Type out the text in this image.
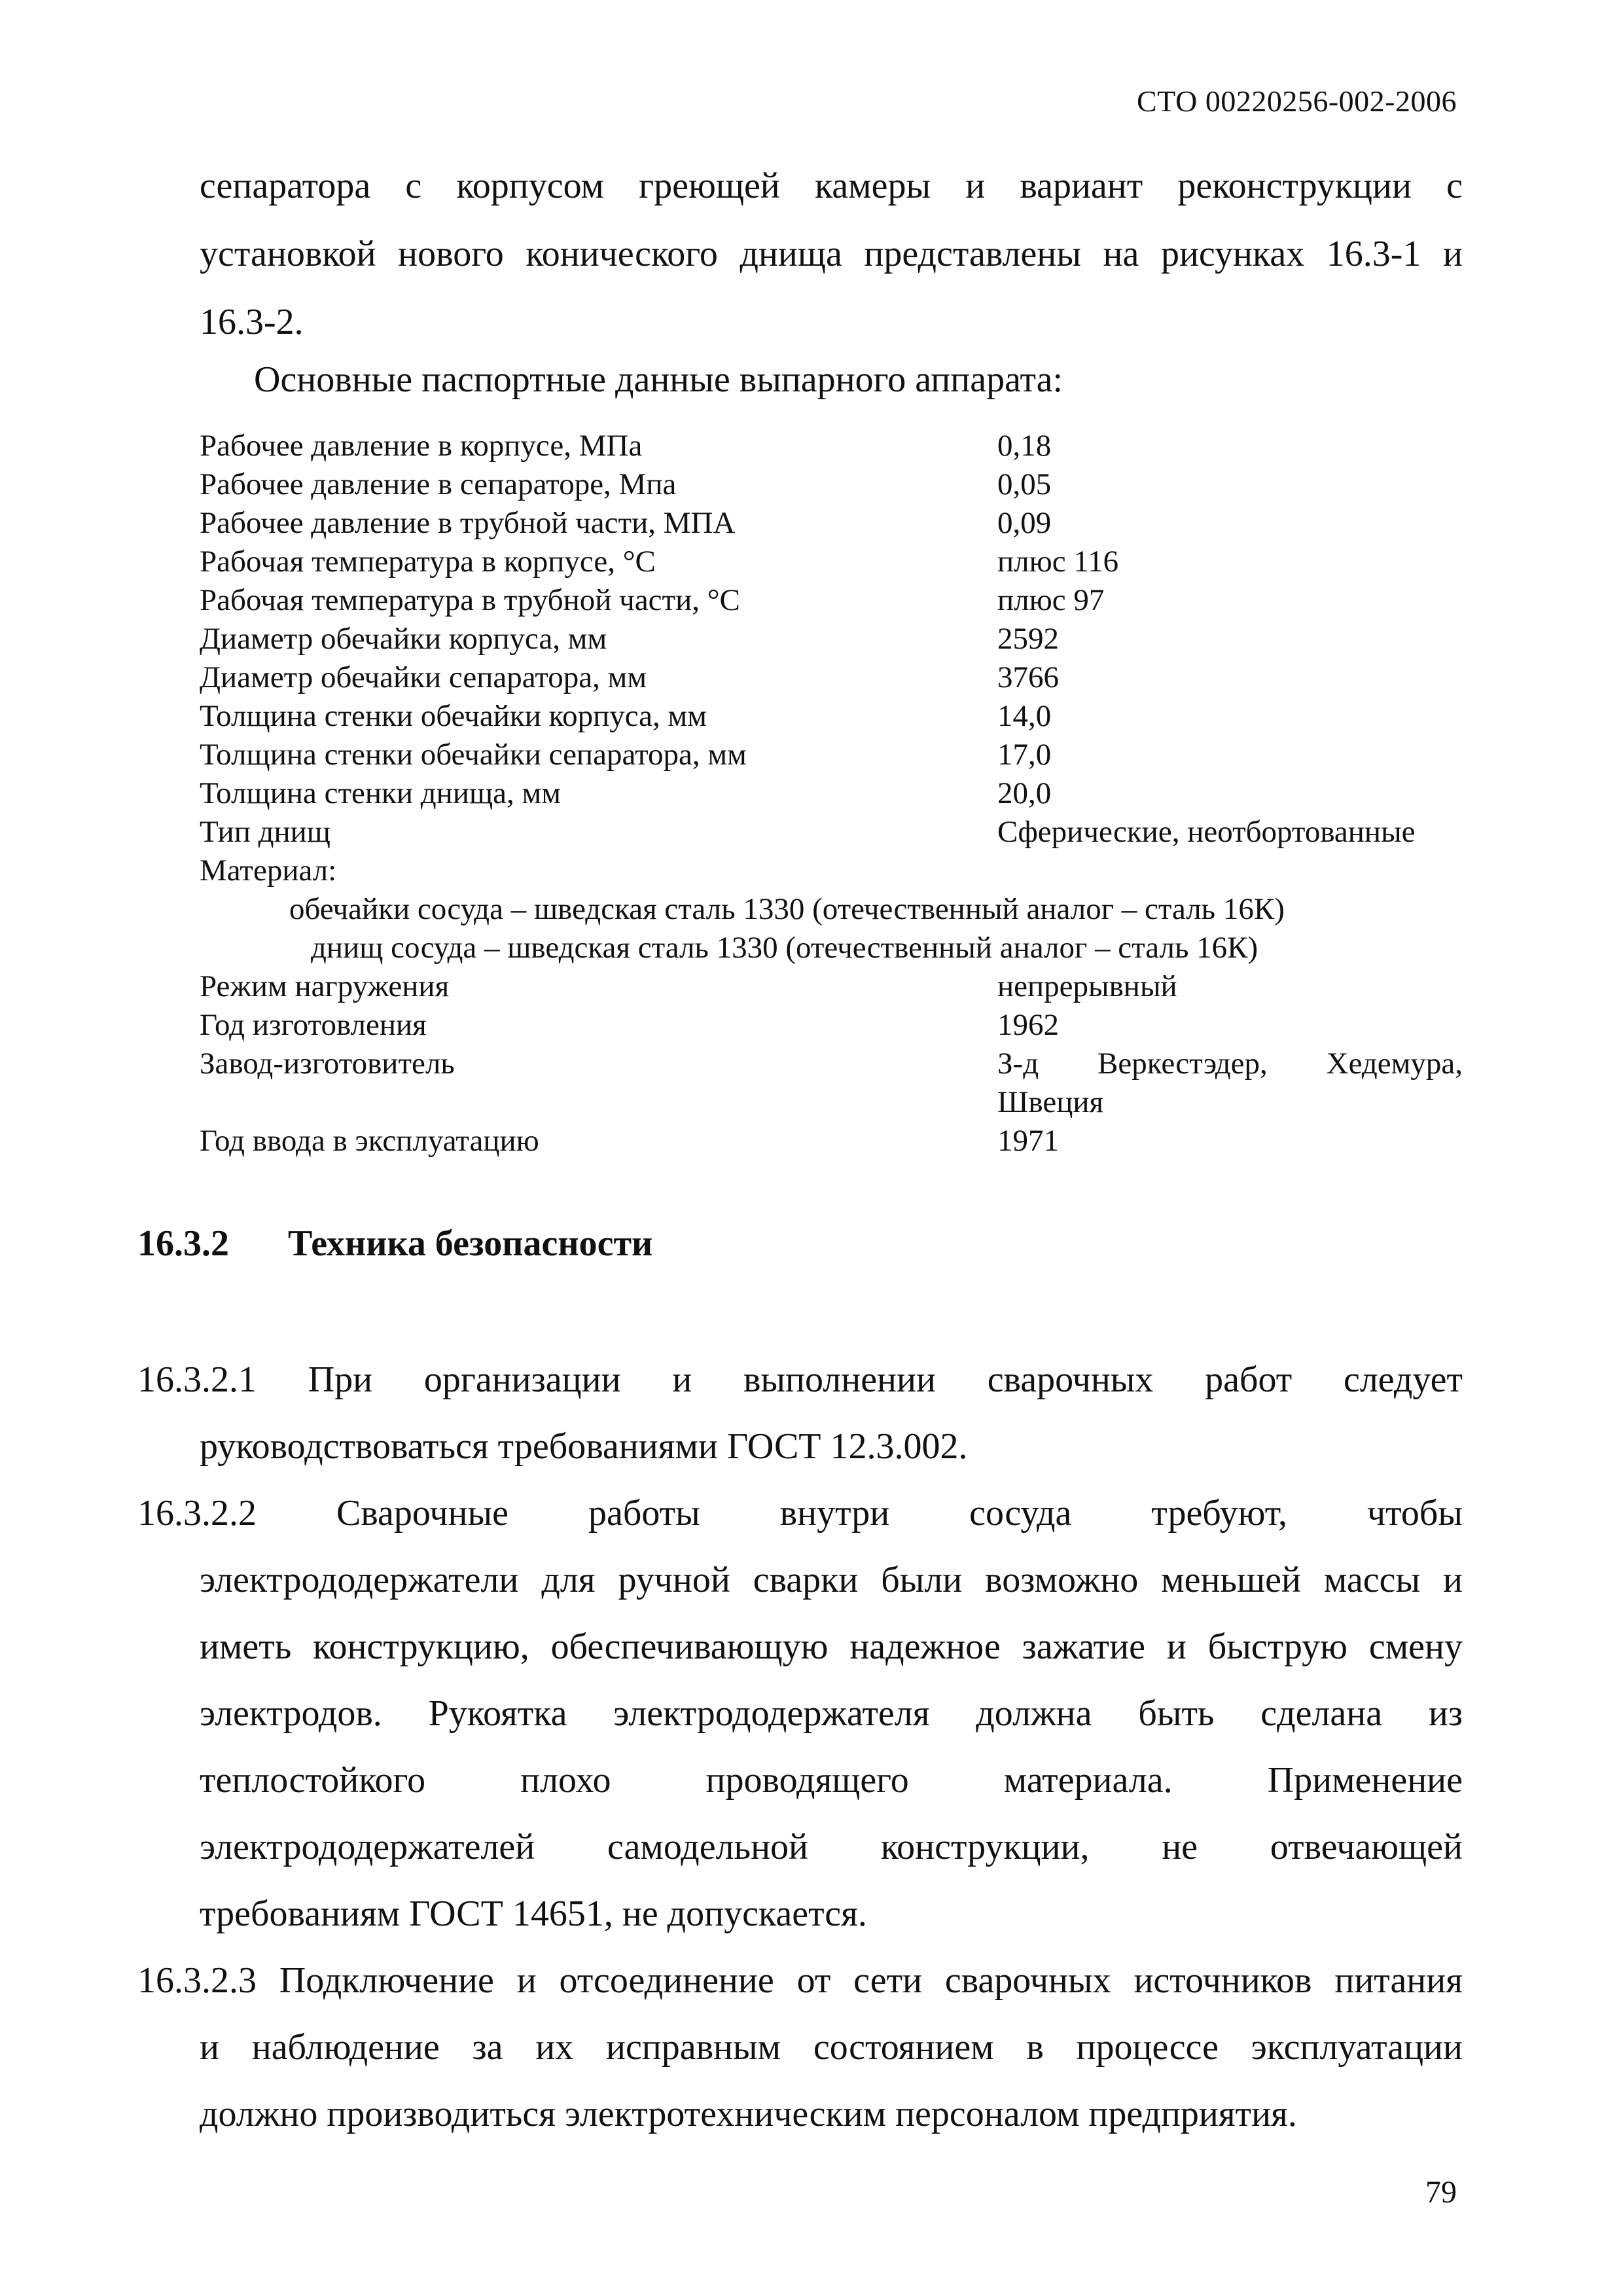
СТО 00220256-002-2006
сепаратора с корпусом греющей камеры и вариант реконструкции с
установкой нового конического днища представлены на рисунках 16.3-1 и
16.3-2.
Основные паспортные данные выпарного аппарата:
Рабочее давление в корпусе, МПа	0,18
Рабочее давление в сепараторе, Мпа	0,05
Рабочее давление в трубной части, МПА	0,09
Рабочая температура в корпусе, °С	плюс 116
Рабочая температура в трубной части, °С	плюс 97
Диаметр обечайки корпуса, мм	2592
Диаметр обечайки сепаратора, мм	3766
Толщина стенки обечайки корпуса, мм	14,0
Толщина стенки обечайки сепаратора, мм	17,0
Толщина стенки днища, мм	20,0
Тип днищ	Сферические, неотбортованные
Материал:
обечайки сосуда – шведская сталь 1330 (отечественный аналог – сталь 16К)
днищ сосуда – шведская сталь 1330 (отечественный аналог – сталь 16К)
Режим нагружения	непрерывный
Год изготовления	1962
Завод-изготовитель	З-д Веркестэдер, Хедемура,
Швеция
Год ввода в эксплуатацию	1971
16.3.2 Техника безопасности
16.3.2.1 При организации и выполнении сварочных работ следует
руководствоваться требованиями ГОСТ 12.3.002.
16.3.2.2 Сварочные работы внутри сосуда требуют, чтобы
электрододержатели для ручной сварки были возможно меньшей массы и
иметь конструкцию, обеспечивающую надежное зажатие и быструю смену
электродов. Рукоятка электрододержателя должна быть сделана из
теплостойкого плохо проводящего материала. Применение
электрододержателей самодельной конструкции, не отвечающей
требованиям ГОСТ 14651, не допускается.
16.3.2.3 Подключение и отсоединение от сети сварочных источников питания
и наблюдение за их исправным состоянием в процессе эксплуатации
должно производиться электротехническим персоналом предприятия.
79
